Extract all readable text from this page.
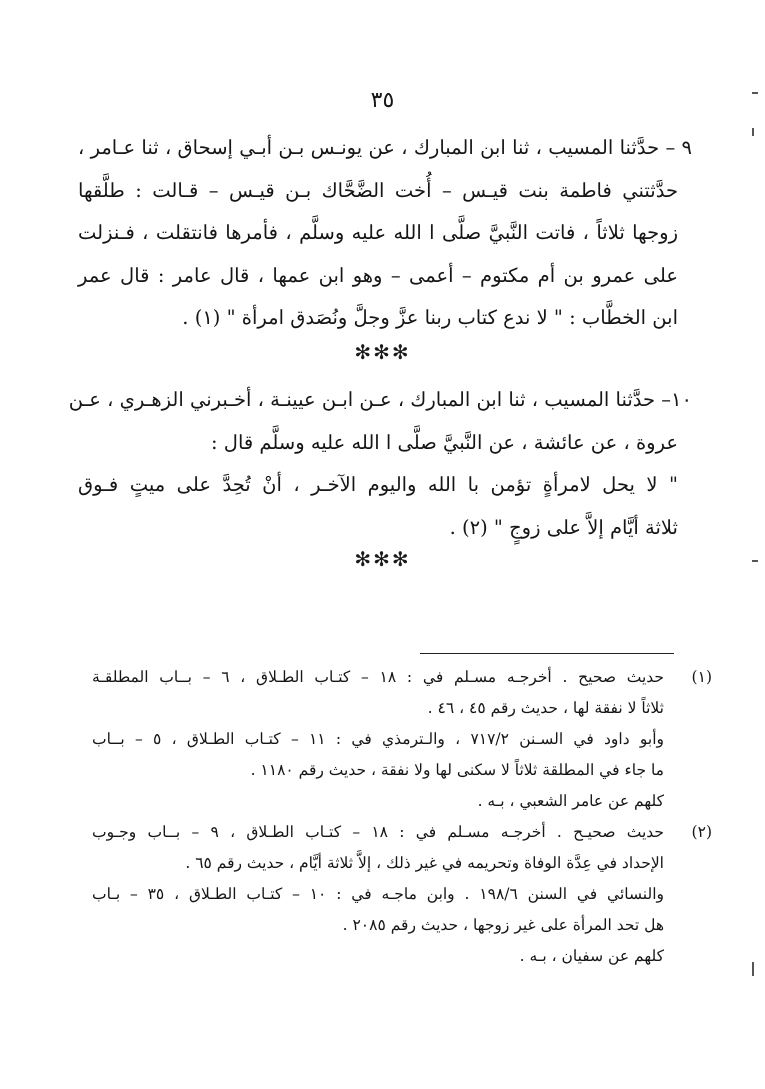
٣٥
٩ – حدَّثنا المسيب ، ثنا ابن المبارك ، عن يونـس بـن أبـي إسحاق ، ثنا عـامر ،
حدَّثتني فاطمة بنت قيـس – أُخت الضَّحَّاك بـن قيـس – قـالت : طلَّقها
زوجها ثلاثاً ، فاتت النَّبيَّ صلَّى ا الله عليه وسلَّم ، فأمرها فانتقلت ، فـنزلت
على عمرو بن أم مكتوم – أعمى – وهو ابن عمها ، قال عامر : قال عمر
ابن الخطَّاب : " لا ندع كتاب ربنا عزَّ وجلَّ ونُصَدق امرأة " (١) .
✻✻✻
١٠– حدَّثنا المسيب ، ثنا ابن المبارك ، عـن ابـن عيينـة ، أخـبرني الزهـري ، عـن
عروة ، عن عائشة ، عن النَّبيَّ صلَّى ا الله عليه وسلَّم قال :
" لا يحل لامرأةٍ تؤمن با الله واليوم الآخـر ، أنْ تُحِدَّ على ميتٍ فـوق
ثلاثة أيَّام إلاَّ على زوجٍ " (٢) .
✻✻✻
(١)
حديث صحيح . أخرجـه مسـلم في : ١٨ – كتـاب الطـلاق ، ٦ – بــاب المطلقـة
ثلاثاً لا نفقة لها ، حديث رقم ٤٥ ، ٤٦ .
وأبو داود في السـنن ٧١٧/٢ ، والـترمذي في : ١١ – كتـاب الطـلاق ، ٥ – بــاب
ما جاء في المطلقة ثلاثاً لا سكنى لها ولا نفقة ، حديث رقم ١١٨٠ .
كلهم عن عامر الشعبي ، بـه .
(٢)
حديث صحيـح . أخرجـه مسـلم في : ١٨ – كتـاب الطـلاق ، ٩ – بــاب وجـوب
الإحداد في عِدَّة الوفاة وتحريمه في غير ذلك ، إلاَّ ثلاثة أيَّام ، حديث رقم ٦٥ .
والنسائي في السنن ١٩٨/٦ . وابن ماجـه في : ١٠ – كتـاب الطـلاق ، ٣٥ – بـاب
هل تحد المرأة على غير زوجها ، حديث رقم ٢٠٨٥ .
كلهم عن سفيان ، بـه .
